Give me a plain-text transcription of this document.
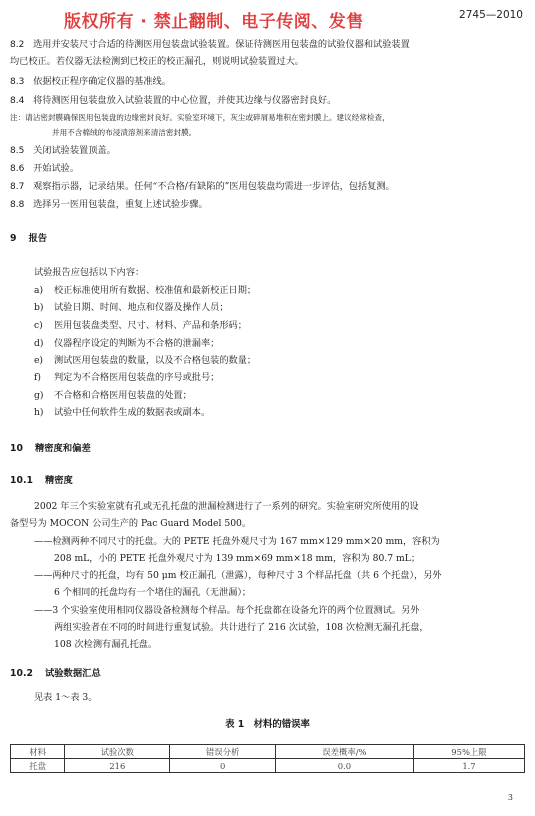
版权所有 · 禁止翻制、电子传阅、发售	2745—2010
8.2 选用并安装尺寸合适的待测医用包装盘试验装置。保证待测医用包装盘的试验仪器和试验装置
均已校正。若仪器无法检测到已校正的校正漏孔，则说明试验装置过大。
8.3 依据校正程序确定仪器的基准线。
8.4 将待测医用包装盘放入试验装置的中心位置，并使其边缘与仪器密封良好。
注：请沾密封膜确保医用包装盘的边缘密封良好。实验室环境下，灰尘或碎屑易堆积在密封膜上。建议经常检查，
并用不含棉绒的布浸渍溶剂来清洁密封膜。
8.5 关闭试验装置顶盖。
8.6 开始试验。
8.7 观察指示器，记录结果。任何“不合格/有缺陷的”医用包装盘均需进一步评估，包括复测。
8.8 选择另一医用包装盘，重复上述试验步骤。
9 报告
试验报告应包括以下内容：
a) 校正标准使用所有数据、校准值和最新校正日期；
b) 试验日期、时间、地点和仪器及操作人员；
c) 医用包装盘类型、尺寸、材料、产品和条形码；
d) 仪器程序设定的判断为不合格的泄漏率；
e) 测试医用包装盘的数量，以及不合格包装的数量；
f) 判定为不合格医用包装盘的序号或批号；
g) 不合格和合格医用包装盘的处置；
h) 试验中任何软件生成的数据表或副本。
10 精密度和偏差
10.1 精密度
2002 年三个实验室就有孔或无孔托盘的泄漏检测进行了一系列的研究。实验室研究所使用的设
备型号为 MOCON 公司生产的 Pac Guard Model 500。
——检测两种不同尺寸的托盘。大的 PETE 托盘外观尺寸为 167 mm×129 mm×20 mm，容积为
208 mL，小的 PETE 托盘外观尺寸为 139 mm×69 mm×18 mm，容积为 80.7 mL；
——两种尺寸的托盘，均有 50 μm 校正漏孔（泄露），每种尺寸 3 个样品托盘（共 6 个托盘），另外
6 个相同的托盘均有一个堵住的漏孔（无泄漏）；
——3 个实验室使用相同仪器设备检测每个样品。每个托盘都在设备允许的两个位置测试。另外
两组实验者在不同的时间进行重复试验。共计进行了 216 次试验，108 次检测无漏孔托盘，
108 次检测有漏孔托盘。
10.2 试验数据汇总
见表 1～表 3。
表 1　材料的错误率
材料	试验次数	错误分析	误差概率/%	95%上限
托盘	216	0	0.0	1.7
3
